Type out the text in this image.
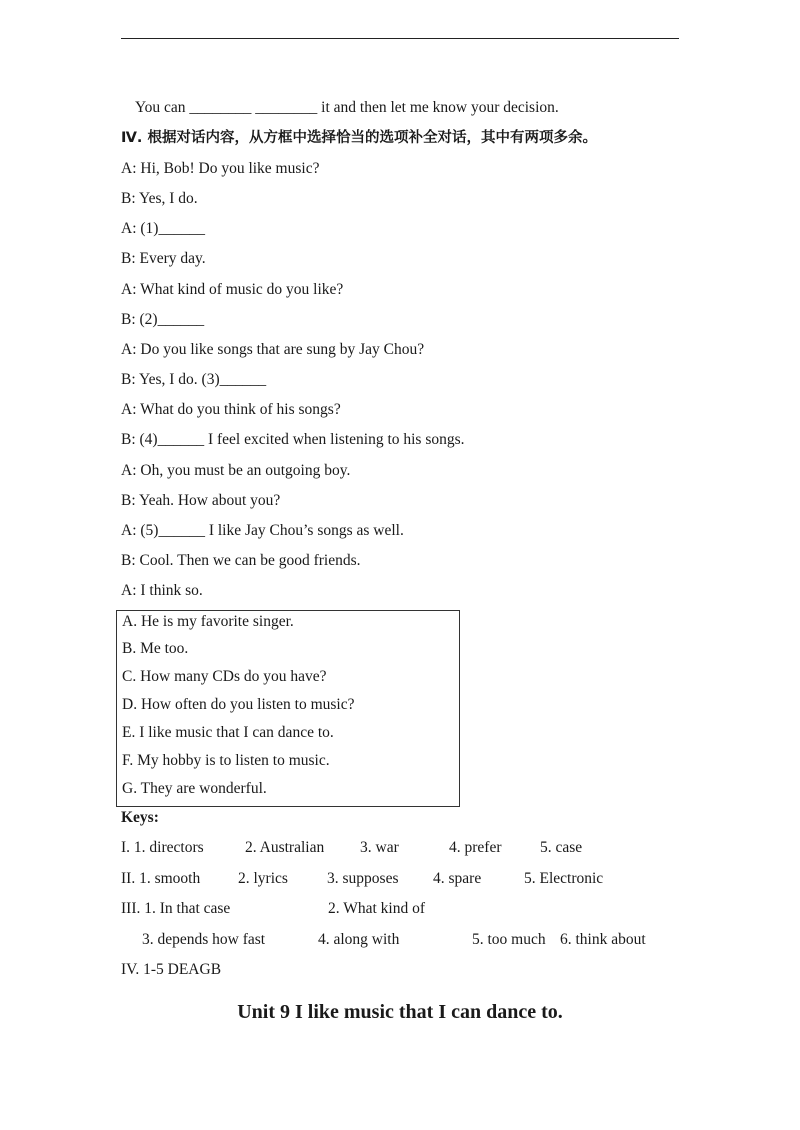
You can ________ ________ it and then let me know your decision.
Ⅳ. 根据对话内容，从方框中选择恰当的选项补全对话，其中有两项多余。
A: Hi, Bob! Do you like music?
B: Yes, I do.
A: (1)______
B: Every day.
A: What kind of music do you like?
B: (2)______
A: Do you like songs that are sung by Jay Chou?
B: Yes, I do. (3)______
A: What do you think of his songs?
B: (4)______ I feel excited when listening to his songs.
A: Oh, you must be an outgoing boy.
B: Yeah. How about you?
A: (5)______ I like Jay Chou’s songs as well.
B: Cool. Then we can be good friends.
A: I think so.
A. He is my favorite singer.
B. Me too.
C. How many CDs do you have?
D. How often do you listen to music?
E. I like music that I can dance to.
F. My hobby is to listen to music.
G. They are wonderful.
Keys:
I. 1. directors	2. Australian 3. war	4. prefer 5. case
II. 1. smooth 2. lyrics	3. supposes 4. spare	5. Electronic
III. 1. In that case	2. What kind of
3. depends how fast	4. along with	5. too much 6. think about
IV. 1-5 DEAGB
Unit 9 I like music that I can dance to.
